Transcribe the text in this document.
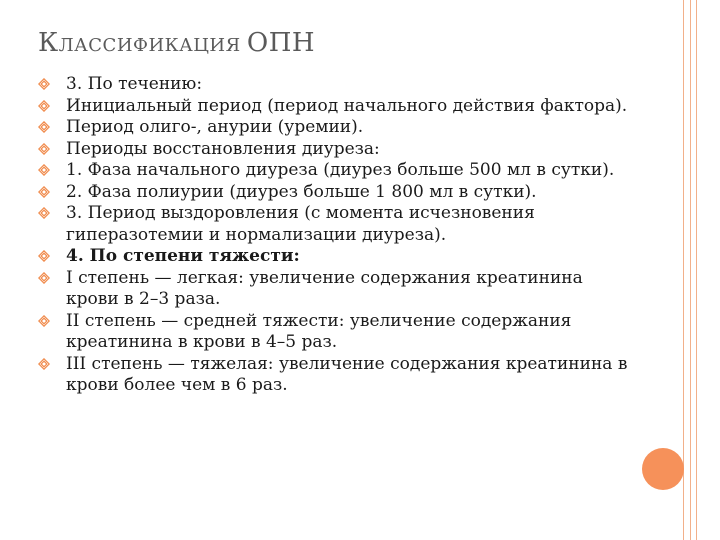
КЛАССИФИКАЦИЯ ОПН
3. По течению:
Инициальный период (период начального действия фактора).
Период олиго-, анурии (уремии).
Периоды восстановления диуреза:
1. Фаза начального диуреза (диурез больше 500 мл в сутки).
2. Фаза полиурии (диурез больше 1 800 мл в сутки).
3. Период выздоровления (с момента исчезновения гиперазотемии и нормализации диуреза).
4. По степени тяжести:
I степень — легкая: увеличение содержания креатинина крови в 2–3 раза.
II степень — средней тяжести: увеличение содержания креатинина в крови в 4–5 раз.
III степень — тяжелая: увеличение содержания креатинина в крови более чем в 6 раз.
